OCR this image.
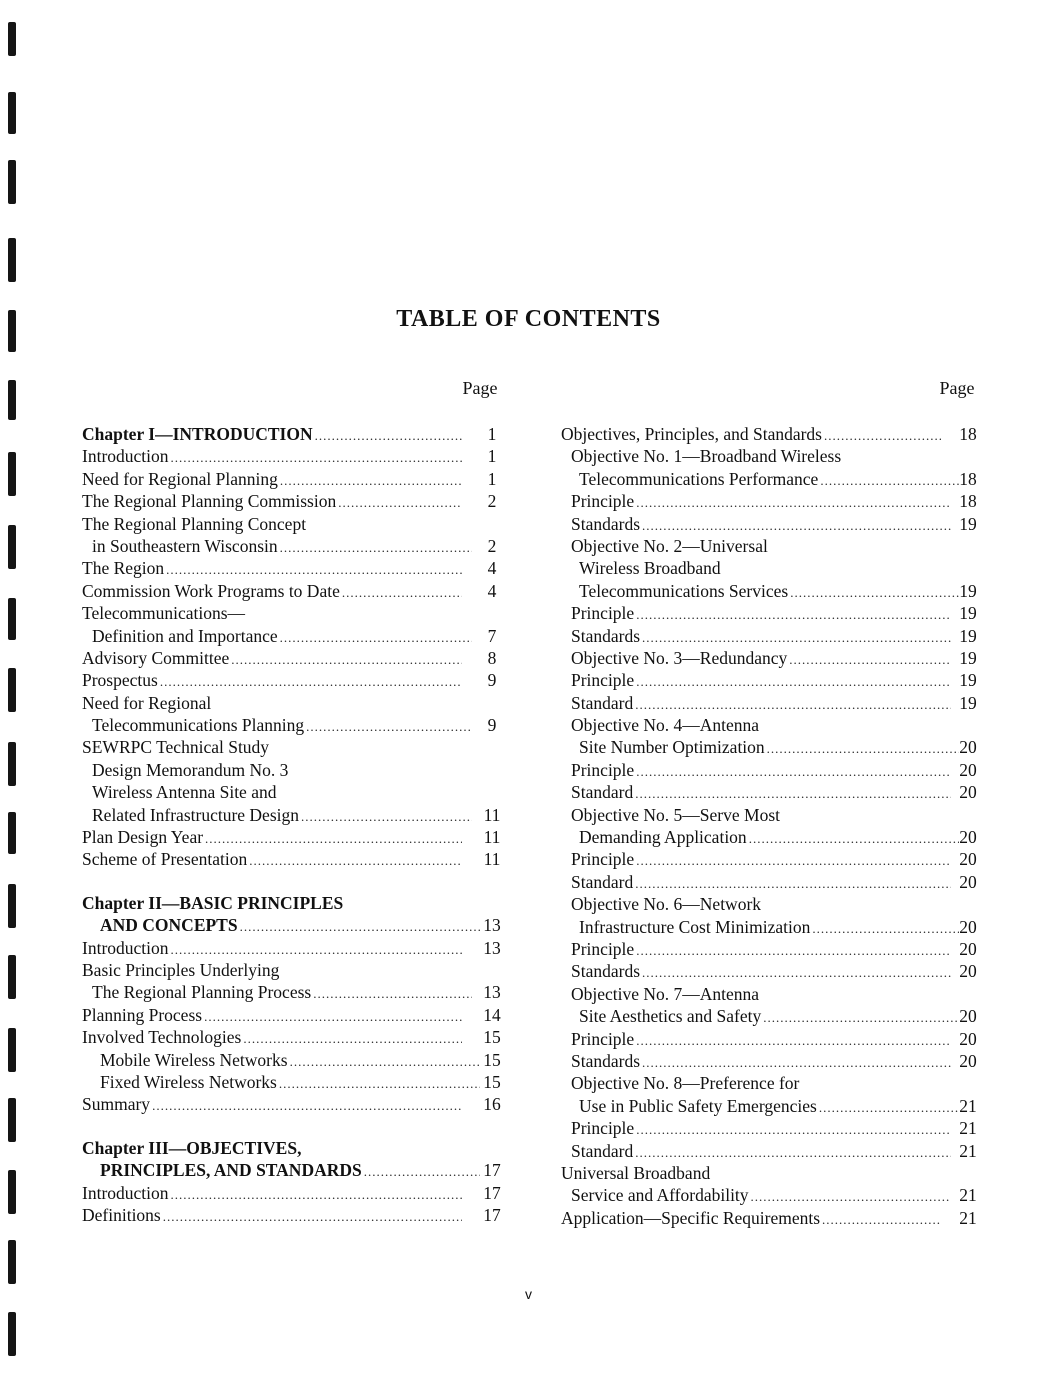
TABLE OF CONTENTS
Page	Page
Chapter I—INTRODUCTION .....	1
Introduction .....	1
Need for Regional Planning .....	1
The Regional Planning Commission .....	2
The Regional Planning Concept
in Southeastern Wisconsin .....	2
The Region .....	4
Commission Work Programs to Date .....	4
Telecommunications—
Definition and Importance .....	7
Advisory Committee .....	8
Prospectus .....	9
Need for Regional
Telecommunications Planning .....	9
SEWRPC Technical Study
Design Memorandum No. 3
Wireless Antenna Site and
Related Infrastructure Design .....	11
Plan Design Year .....	11
Scheme of Presentation .....	11
Chapter II—BASIC PRINCIPLES
AND CONCEPTS .....	13
Introduction .....	13
Basic Principles Underlying
The Regional Planning Process .....	13
Planning Process .....	14
Involved Technologies .....	15
Mobile Wireless Networks .....	15
Fixed Wireless Networks .....	15
Summary .....	16
Chapter III—OBJECTIVES,
PRINCIPLES, AND STANDARDS .....	17
Introduction .....	17
Definitions .....	17
Objectives, Principles, and Standards .....	18
Objective No. 1—Broadband Wireless
Telecommunications Performance .....	18
Principle .....	18
Standards .....	19
Objective No. 2—Universal
Wireless Broadband
Telecommunications Services .....	19
Principle .....	19
Standards .....	19
Objective No. 3—Redundancy .....	19
Principle .....	19
Standard .....	19
Objective No. 4—Antenna
Site Number Optimization .....	20
Principle .....	20
Standard .....	20
Objective No. 5—Serve Most
Demanding Application .....	20
Principle .....	20
Standard .....	20
Objective No. 6—Network
Infrastructure Cost Minimization .....	20
Principle .....	20
Standards .....	20
Objective No. 7—Antenna
Site Aesthetics and Safety .....	20
Principle .....	20
Standards .....	20
Objective No. 8—Preference for
Use in Public Safety Emergencies .....	21
Principle .....	21
Standard .....	21
Universal Broadband
Service and Affordability .....	21
Application—Specific Requirements .....	21
v
